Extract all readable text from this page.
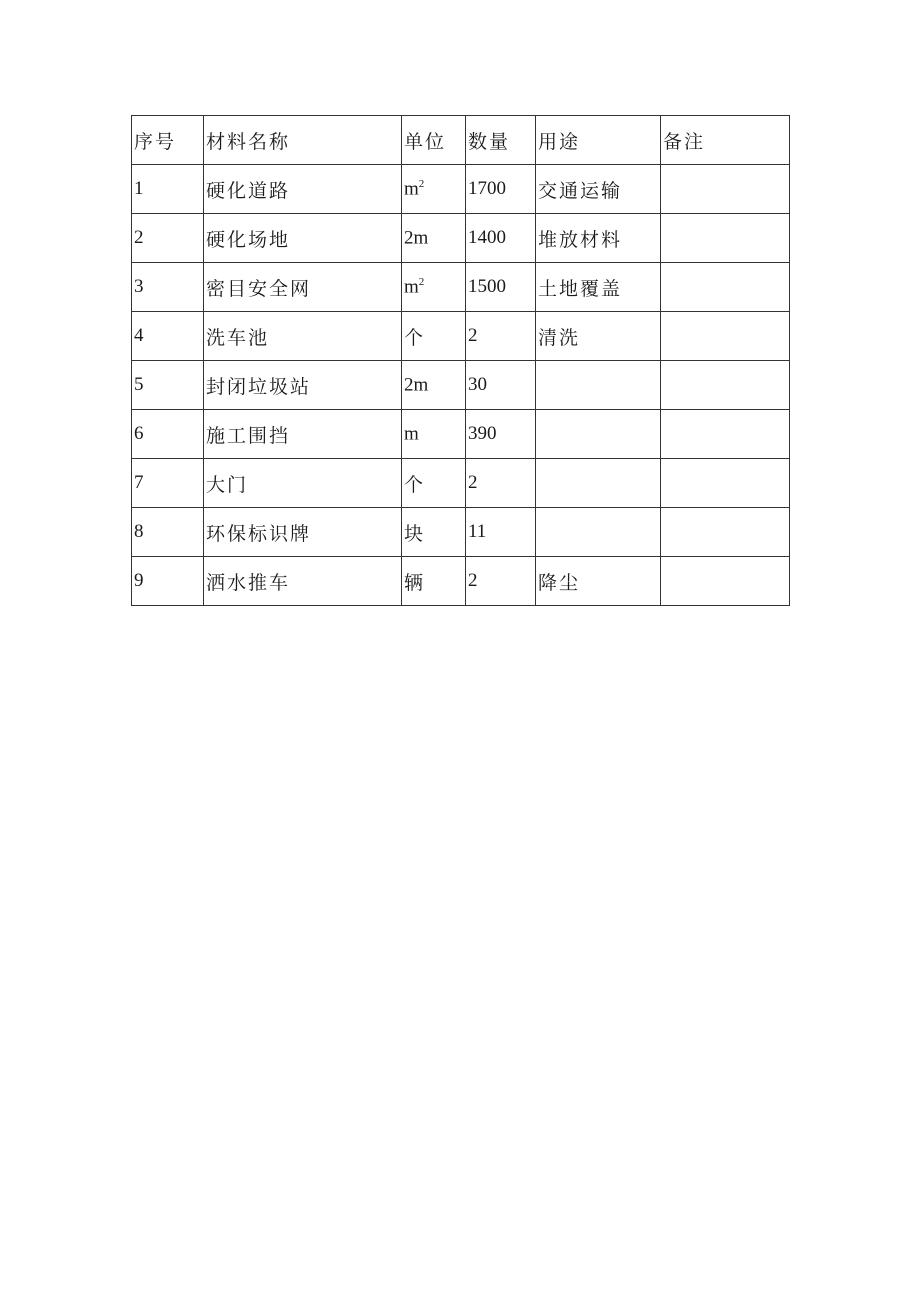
序号	材料名称	单位	数量	用途	备注
1	硬化道路	$m^2$	1700	交通运输	
2	硬化场地	2m	1400	堆放材料	
3	密目安全网	$m^2$	1500	土地覆盖	
4	洗车池	个	2	清洗	
5	封闭垃圾站	2m	30		
6	施工围挡	m	390		
7	大门	个	2		
8	环保标识牌	块	11		
9	洒水推车	辆	2	降尘	
